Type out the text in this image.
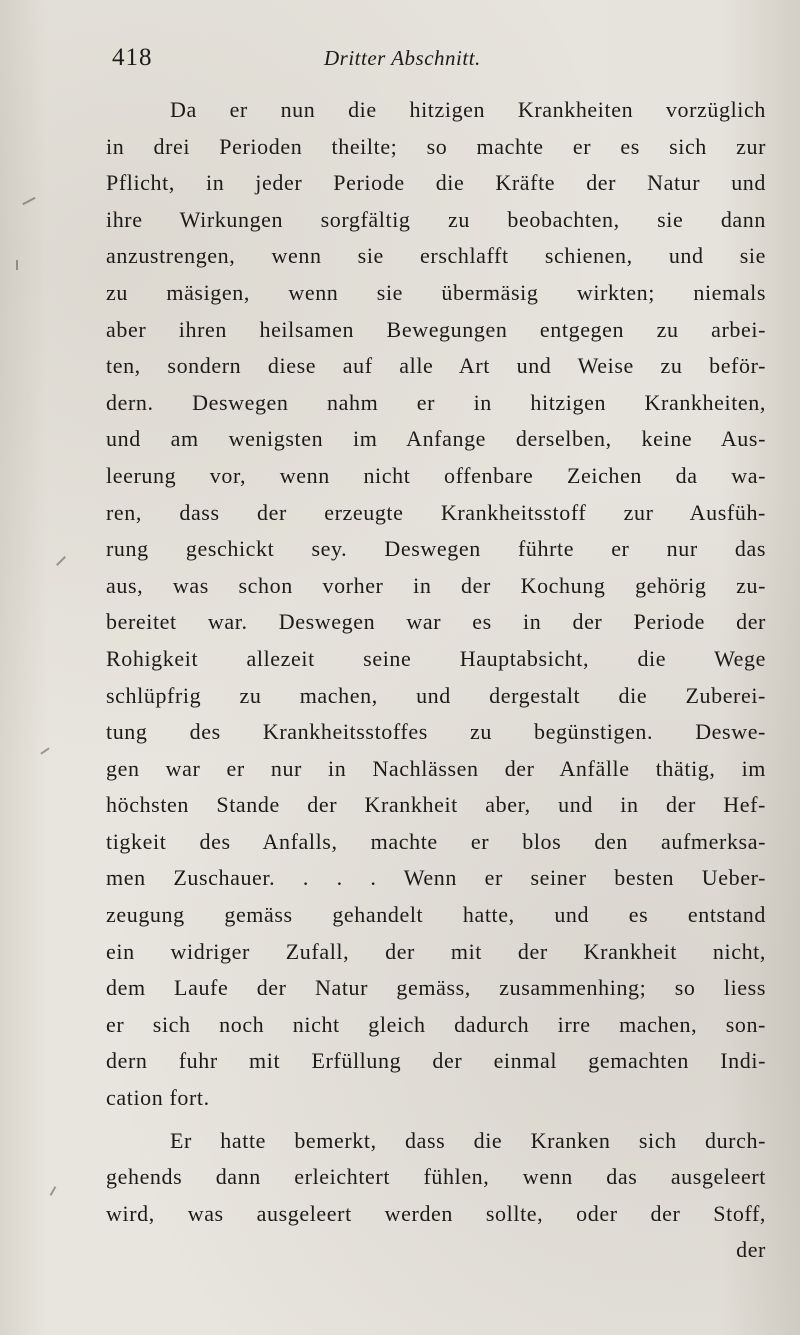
418	Dritter Abschnitt.
Da er nun die hitzigen Krankheiten vorzüglich
in drei Perioden theilte; so machte er es sich zur
Pflicht, in jeder Periode die Kräfte der Natur und
ihre Wirkungen sorgfältig zu beobachten, sie dann
anzustrengen, wenn sie erschlafft schienen, und sie
zu mäsigen, wenn sie übermäsig wirkten; niemals
aber ihren heilsamen Bewegungen entgegen zu arbei-
ten, sondern diese auf alle Art und Weise zu beför-
dern. Deswegen nahm er in hitzigen Krankheiten,
und am wenigsten im Anfange derselben, keine Aus-
leerung vor, wenn nicht offenbare Zeichen da wa-
ren, dass der erzeugte Krankheitsstoff zur Ausfüh-
rung geschickt sey. Deswegen führte er nur das
aus, was schon vorher in der Kochung gehörig zu-
bereitet war. Deswegen war es in der Periode der
Rohigkeit allezeit seine Hauptabsicht, die Wege
schlüpfrig zu machen, und dergestalt die Zuberei-
tung des Krankheitsstoffes zu begünstigen. Deswe-
gen war er nur in Nachlässen der Anfälle thätig, im
höchsten Stande der Krankheit aber, und in der Hef-
tigkeit des Anfalls, machte er blos den aufmerksa-
men Zuschauer. . . . Wenn er seiner besten Ueber-
zeugung gemäss gehandelt hatte, und es entstand
ein widriger Zufall, der mit der Krankheit nicht,
dem Laufe der Natur gemäss, zusammenhing; so liess
er sich noch nicht gleich dadurch irre machen, son-
dern fuhr mit Erfüllung der einmal gemachten Indi-
cation fort.
Er hatte bemerkt, dass die Kranken sich durch-
gehends dann erleichtert fühlen, wenn das ausgeleert
wird, was ausgeleert werden sollte, oder der Stoff,
der
